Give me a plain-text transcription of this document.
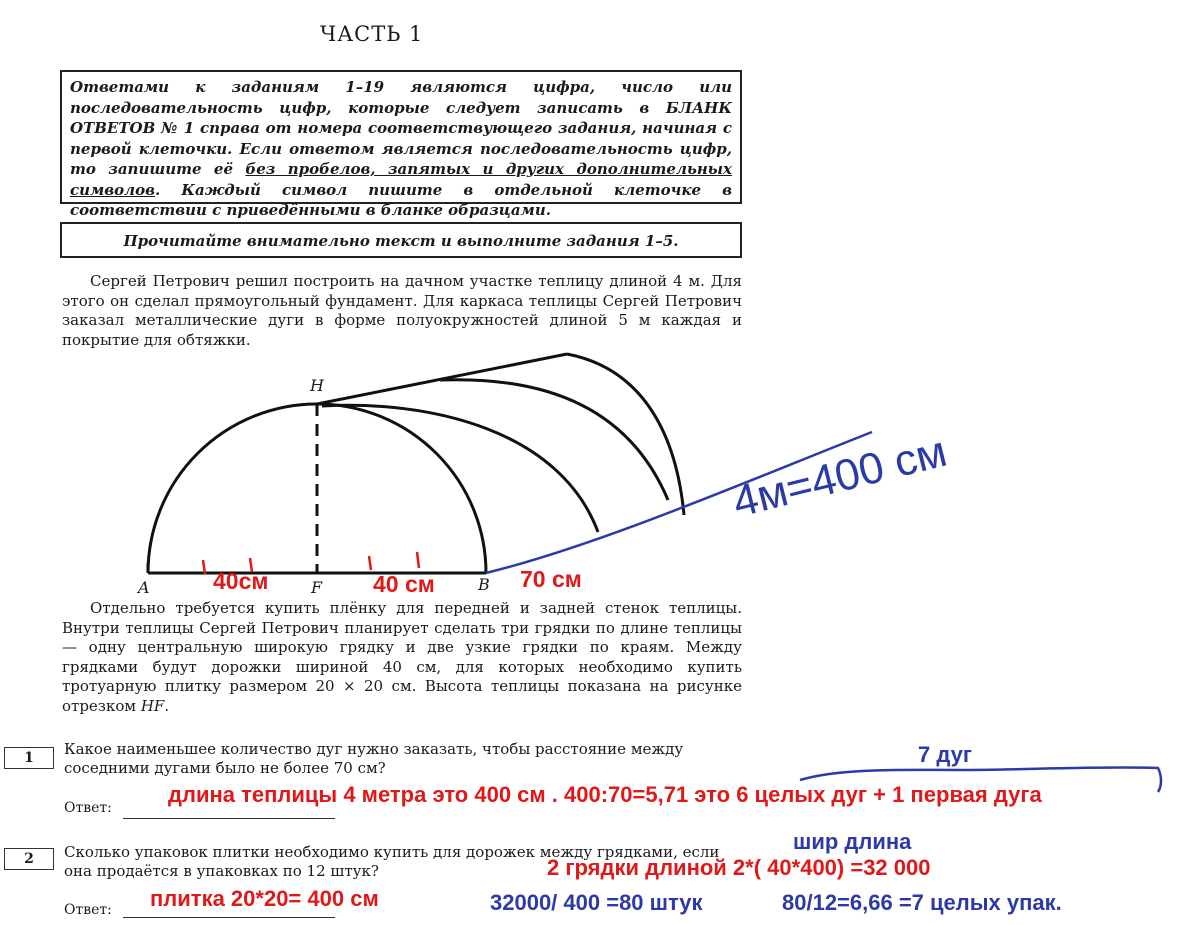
ЧАСТЬ 1
Ответами к заданиям 1–19 являются цифра, число или последовательность цифр, которые следует записать в БЛАНК ОТВЕТОВ № 1 справа от номера соответствующего задания, начиная с первой клеточки. Если ответом является последовательность цифр, то запишите её без пробелов, запятых и других дополнительных символов. Каждый символ пишите в отдельной клеточке в соответствии с приведёнными в бланке образцами.
Прочитайте внимательно текст и выполните задания 1–5.
Сергей Петрович решил построить на дачном участке теплицу длиной 4 м. Для этого он сделал прямоугольный фундамент. Для каркаса теплицы Сергей Петрович заказал металлические дуги в форме полуокружностей длиной 5 м каждая и покрытие для обтяжки.
H
A	F	B
40см	40 см	70 см
4м=400 см
Отдельно требуется купить плёнку для передней и задней стенок теплицы. Внутри теплицы Сергей Петрович планирует сделать три грядки по длине теплицы — одну центральную широкую грядку и две узкие грядки по краям. Между грядками будут дорожки шириной 40 см, для которых необходимо купить тротуарную плитку размером 20 × 20 см. Высота теплицы показана на рисунке отрезком HF.
1	Какое наименьшее количество дуг нужно заказать, чтобы расстояние между соседними дугами было не более 70 см?
7 дуг
Ответ:
длина теплицы 4 метра это 400 см . 400:70=5,71 это 6 целых дуг + 1 первая дуга
шир длина
2	Сколько упаковок плитки необходимо купить для дорожек между грядками, если она продаётся в упаковках по 12 штук?	2 грядки длиной 2*( 40*400) =32 000
плитка 20*20= 400 см	32000/ 400 =80 штук	80/12=6,66 =7 целых упак.
Ответ:
